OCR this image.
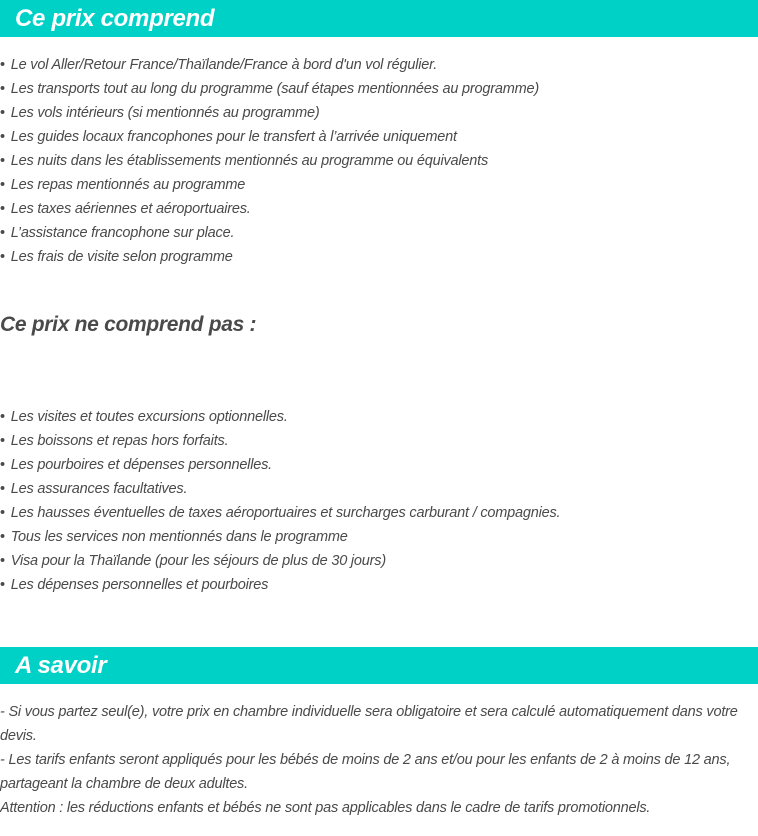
Ce prix comprend
• Le vol Aller/Retour France/Thaïlande/France à bord d'un vol régulier.
• Les transports tout au long du programme (sauf étapes mentionnées au programme)
• Les vols intérieurs (si mentionnés au programme)
• Les guides locaux francophones pour le transfert à l’arrivée uniquement
• Les nuits dans les établissements mentionnés au programme ou équivalents
• Les repas mentionnés au programme
• Les taxes aériennes et aéroportuaires.
• L’assistance francophone sur place.
• Les frais de visite selon programme
Ce prix ne comprend pas :
• Les visites et toutes excursions optionnelles.
• Les boissons et repas hors forfaits.
• Les pourboires et dépenses personnelles.
• Les assurances facultatives.
• Les hausses éventuelles de taxes aéroportuaires et surcharges carburant / compagnies.
• Tous les services non mentionnés dans le programme
• Visa pour la Thaïlande (pour les séjours de plus de 30 jours)
• Les dépenses personnelles et pourboires
A savoir

- Si vous partez seul(e), votre prix en chambre individuelle sera obligatoire et sera calculé automatiquement dans votre devis.

- Les tarifs enfants seront appliqués pour les bébés de moins de 2 ans et/ou pour les enfants de 2 à moins de 12 ans, partageant la chambre de deux adultes.

Attention : les réductions enfants et bébés ne sont pas applicables dans le cadre de tarifs promotionnels.
